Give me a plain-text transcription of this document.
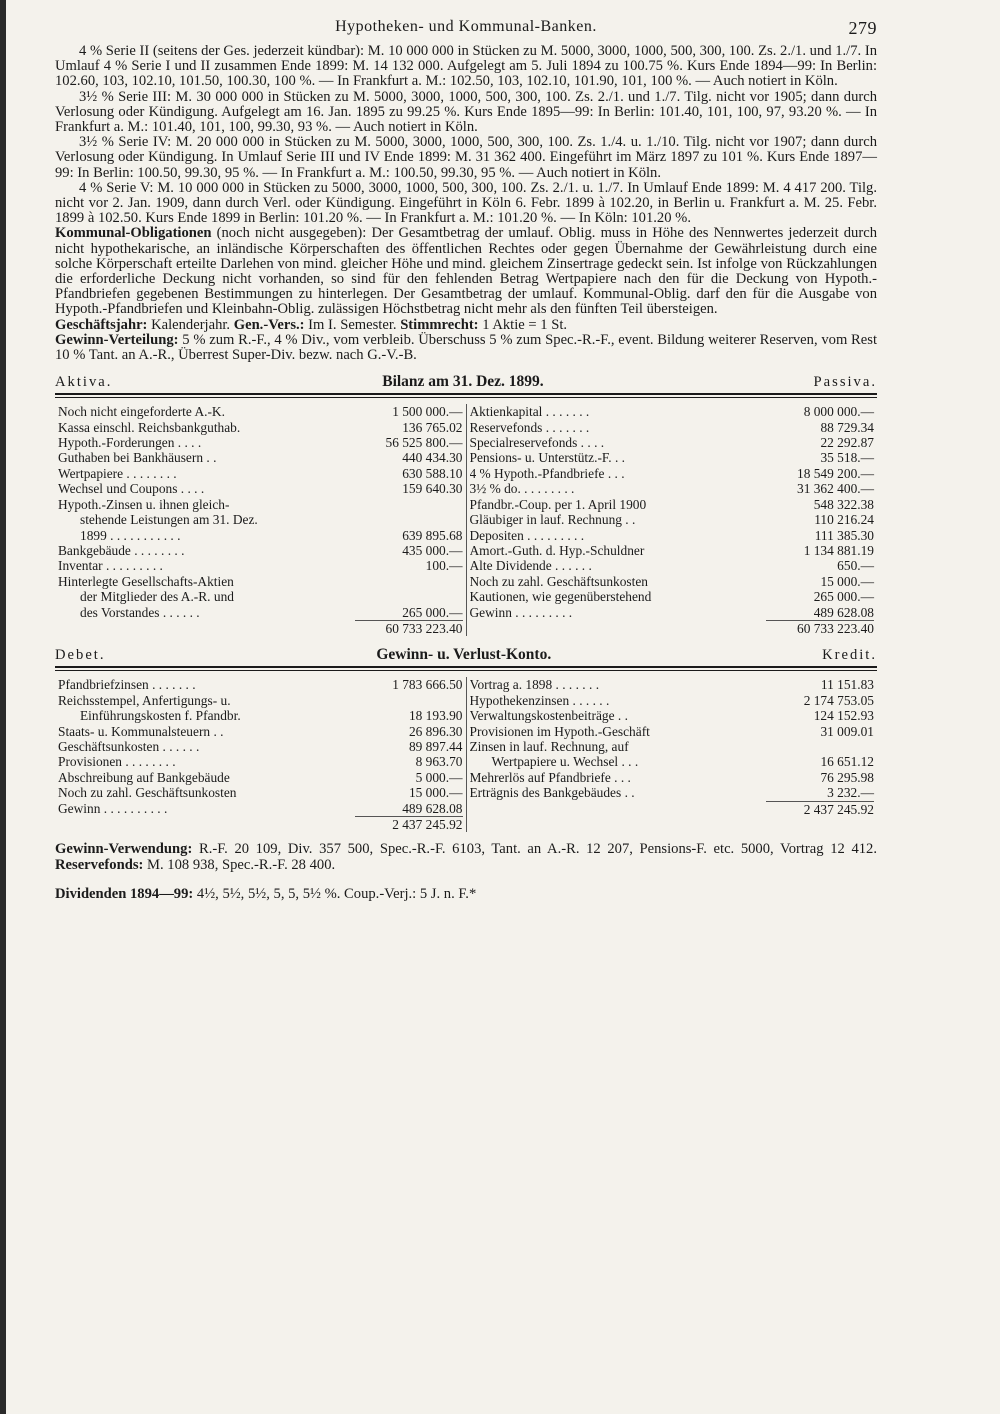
Hypotheken- und Kommunal-Banken.	279

4 % Serie II (seitens der Ges. jederzeit kündbar): M. 10 000 000 in Stücken zu M. 5000, 3000, 1000, 500, 300, 100. Zs. 2./1. und 1./7. In Umlauf 4 % Serie I und II zusammen Ende 1899: M. 14 132 000. Aufgelegt am 5. Juli 1894 zu 100.75 %. Kurs Ende 1894—99: In Berlin: 102.60, 103, 102.10, 101.50, 100.30, 100 %. — In Frankfurt a. M.: 102.50, 103, 102.10, 101.90, 101, 100 %. — Auch notiert in Köln.

3½ % Serie III: M. 30 000 000 in Stücken zu M. 5000, 3000, 1000, 500, 300, 100. Zs. 2./1. und 1./7. Tilg. nicht vor 1905; dann durch Verlosung oder Kündigung. Aufgelegt am 16. Jan. 1895 zu 99.25 %. Kurs Ende 1895—99: In Berlin: 101.40, 101, 100, 97, 93.20 %. — In Frankfurt a. M.: 101.40, 101, 100, 99.30, 93 %. — Auch notiert in Köln.

3½ % Serie IV: M. 20 000 000 in Stücken zu M. 5000, 3000, 1000, 500, 300, 100. Zs. 1./4. u. 1./10. Tilg. nicht vor 1907; dann durch Verlosung oder Kündigung. In Umlauf Serie III und IV Ende 1899: M. 31 362 400. Eingeführt im März 1897 zu 101 %. Kurs Ende 1897—99: In Berlin: 100.50, 99.30, 95 %. — In Frankfurt a. M.: 100.50, 99.30, 95 %. — Auch notiert in Köln.

4 % Serie V: M. 10 000 000 in Stücken zu 5000, 3000, 1000, 500, 300, 100. Zs. 2./1. u. 1./7. In Umlauf Ende 1899: M. 4 417 200. Tilg. nicht vor 2. Jan. 1909, dann durch Verl. oder Kündigung. Eingeführt in Köln 6. Febr. 1899 à 102.20, in Berlin u. Frankfurt a. M. 25. Febr. 1899 à 102.50. Kurs Ende 1899 in Berlin: 101.20 %. — In Frankfurt a. M.: 101.20 %. — In Köln: 101.20 %.

Kommunal-Obligationen (noch nicht ausgegeben): Der Gesamtbetrag der umlauf. Oblig. muss in Höhe des Nennwertes jederzeit durch nicht hypothekarische, an inländische Körperschaften des öffentlichen Rechtes oder gegen Übernahme der Gewährleistung durch eine solche Körperschaft erteilte Darlehen von mind. gleicher Höhe und mind. gleichem Zinsertrage gedeckt sein. Ist infolge von Rückzahlungen die erforderliche Deckung nicht vorhanden, so sind für den fehlenden Betrag Wertpapiere nach den für die Deckung von Hypoth.-Pfandbriefen gegebenen Bestimmungen zu hinterlegen. Der Gesamtbetrag der umlauf. Kommunal-Oblig. darf den für die Ausgabe von Hypoth.-Pfandbriefen und Kleinbahn-Oblig. zulässigen Höchstbetrag nicht mehr als den fünften Teil übersteigen.

Geschäftsjahr: Kalenderjahr. Gen.-Vers.: Im I. Semester. Stimmrecht: 1 Aktie = 1 St.

Gewinn-Verteilung: 5 % zum R.-F., 4 % Div., vom verbleib. Überschuss 5 % zum Spec.-R.-F., event. Bildung weiterer Reserven, vom Rest 10 % Tant. an A.-R., Überrest Super-Div. bezw. nach G.-V.-B.

Aktiva.	Bilanz am 31. Dez. 1899.	Passiva.
Noch nicht eingeforderte A.-K.	1 500 000.—
Kassa einschl. Reichsbankguthab.	136 765.02
Hypoth.-Forderungen . . . .	56 525 800.—
Guthaben bei Bankhäusern . .	440 434.30
Wertpapiere . . . . . . . .	630 588.10
Wechsel und Coupons . . . .	159 640.30
Hypoth.-Zinsen u. ihnen gleich-
stehende Leistungen am 31. Dez.
1899 . . . . . . . . . . .	639 895.68
Bankgebäude . . . . . . . .	435 000.—
Inventar . . . . . . . . .	100.—
Hinterlegte Gesellschafts-Aktien
der Mitglieder des A.-R. und
des Vorstandes . . . . . .	265 000.—
60 733 223.40
Aktienkapital . . . . . . .	8 000 000.—
Reservefonds . . . . . . .	88 729.34
Specialreservefonds . . . .	22 292.87
Pensions- u. Unterstütz.-F. . .	35 518.—
4 % Hypoth.-Pfandbriefe . . .	18 549 200.—
3½ % do. . . . . . . . .	31 362 400.—
Pfandbr.-Coup. per 1. April 1900	548 322.38
Gläubiger in lauf. Rechnung . .	110 216.24
Depositen . . . . . . . . .	111 385.30
Amort.-Guth. d. Hyp.-Schuldner	1 134 881.19
Alte Dividende . . . . . .	650.—
Noch zu zahl. Geschäftsunkosten	15 000.—
Kautionen, wie gegenüberstehend	265 000.—
Gewinn . . . . . . . . .	489 628.08
60 733 223.40
Debet.	Gewinn- u. Verlust-Konto.	Kredit.
Pfandbriefzinsen . . . . . . .	1 783 666.50
Reichsstempel, Anfertigungs- u.
Einführungskosten f. Pfandbr.	18 193.90
Staats- u. Kommunalsteuern . .	26 896.30
Geschäftsunkosten . . . . . .	89 897.44
Provisionen . . . . . . . .	8 963.70
Abschreibung auf Bankgebäude	5 000.—
Noch zu zahl. Geschäftsunkosten	15 000.—
Gewinn . . . . . . . . . .	489 628.08
2 437 245.92
Vortrag a. 1898 . . . . . . .	11 151.83
Hypothekenzinsen . . . . . .	2 174 753.05
Verwaltungskostenbeiträge . .	124 152.93
Provisionen im Hypoth.-Geschäft	31 009.01
Zinsen in lauf. Rechnung, auf
Wertpapiere u. Wechsel . . .	16 651.12
Mehrerlös auf Pfandbriefe . . .	76 295.98
Erträgnis des Bankgebäudes . .	3 232.—
2 437 245.92

Gewinn-Verwendung: R.-F. 20 109, Div. 357 500, Spec.-R.-F. 6103, Tant. an A.-R. 12 207, Pensions-F. etc. 5000, Vortrag 12 412. Reservefonds: M. 108 938, Spec.-R.-F. 28 400.

Dividenden 1894—99: 4½, 5½, 5½, 5, 5, 5½ %. Coup.-Verj.: 5 J. n. F.*
